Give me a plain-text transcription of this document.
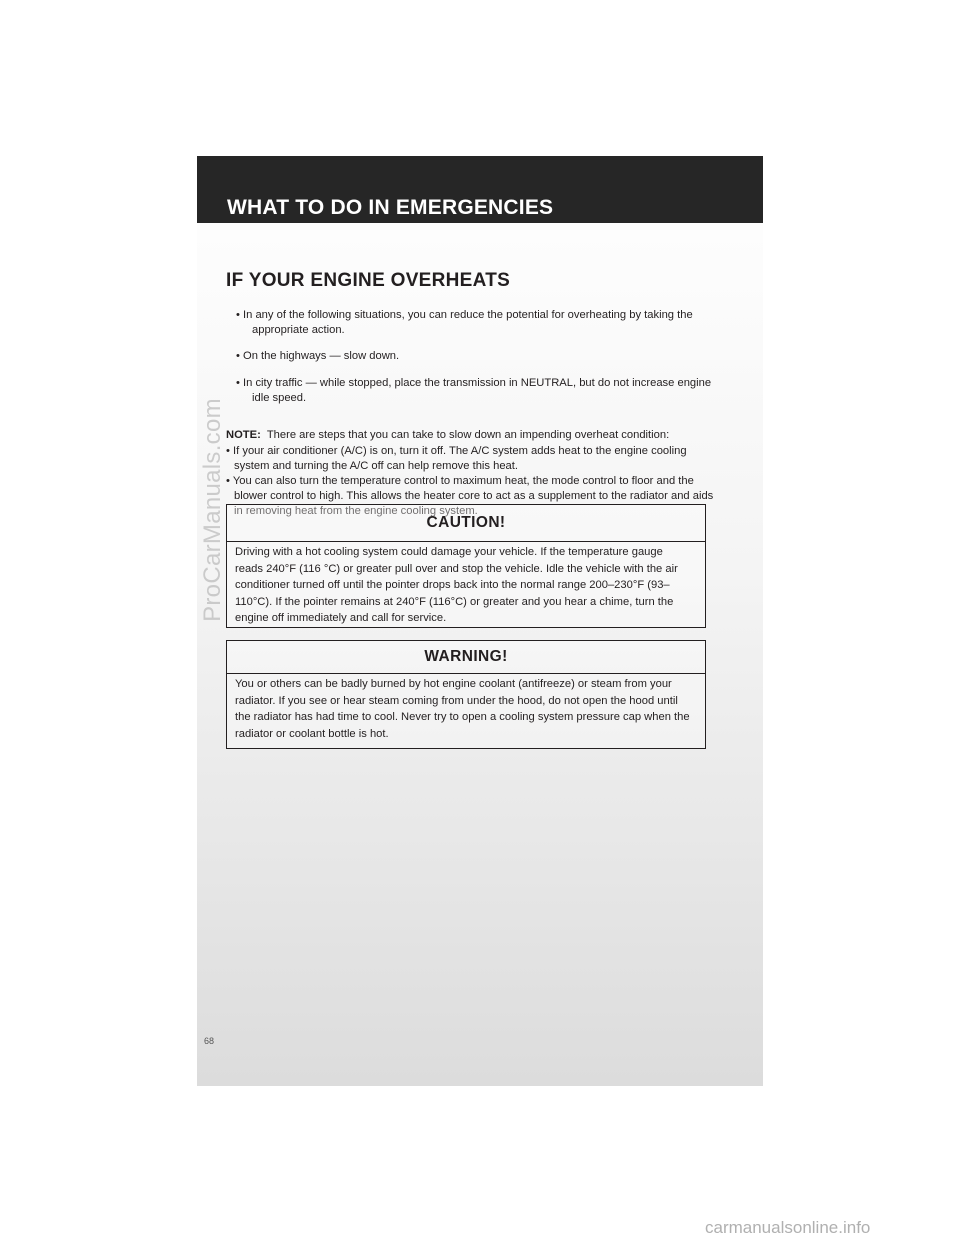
WHAT TO DO IN EMERGENCIES
IF YOUR ENGINE OVERHEATS

• In any of the following situations, you can reduce the potential for overheating by taking the appropriate action.

• On the highways — slow down.

• In city traffic — while stopped, place the transmission in NEUTRAL, but do not increase engine idle speed.

NOTE: There are steps that you can take to slow down an impending overheat condition:

• If your air conditioner (A/C) is on, turn it off. The A/C system adds heat to the engine cooling system and turning the A/C off can help remove this heat.

• You can also turn the temperature control to maximum heat, the mode control to floor and the blower control to high. This allows the heater core to act as a supplement to the radiator and aids in removing heat from the engine cooling system.

CAUTION!

Driving with a hot cooling system could damage your vehicle. If the temperature gauge reads 240°F (116 °C) or greater pull over and stop the vehicle. Idle the vehicle with the air conditioner turned off until the pointer drops back into the normal range 200–230°F (93–110°C). If the pointer remains at 240°F (116°C) or greater and you hear a chime, turn the engine off immediately and call for service.

WARNING!

You or others can be badly burned by hot engine coolant (antifreeze) or steam from your radiator. If you see or hear steam coming from under the hood, do not open the hood until the radiator has had time to cool. Never try to open a cooling system pressure cap when the radiator or coolant bottle is hot.

68
ProCarManuals.com
carmanualsonline.info
